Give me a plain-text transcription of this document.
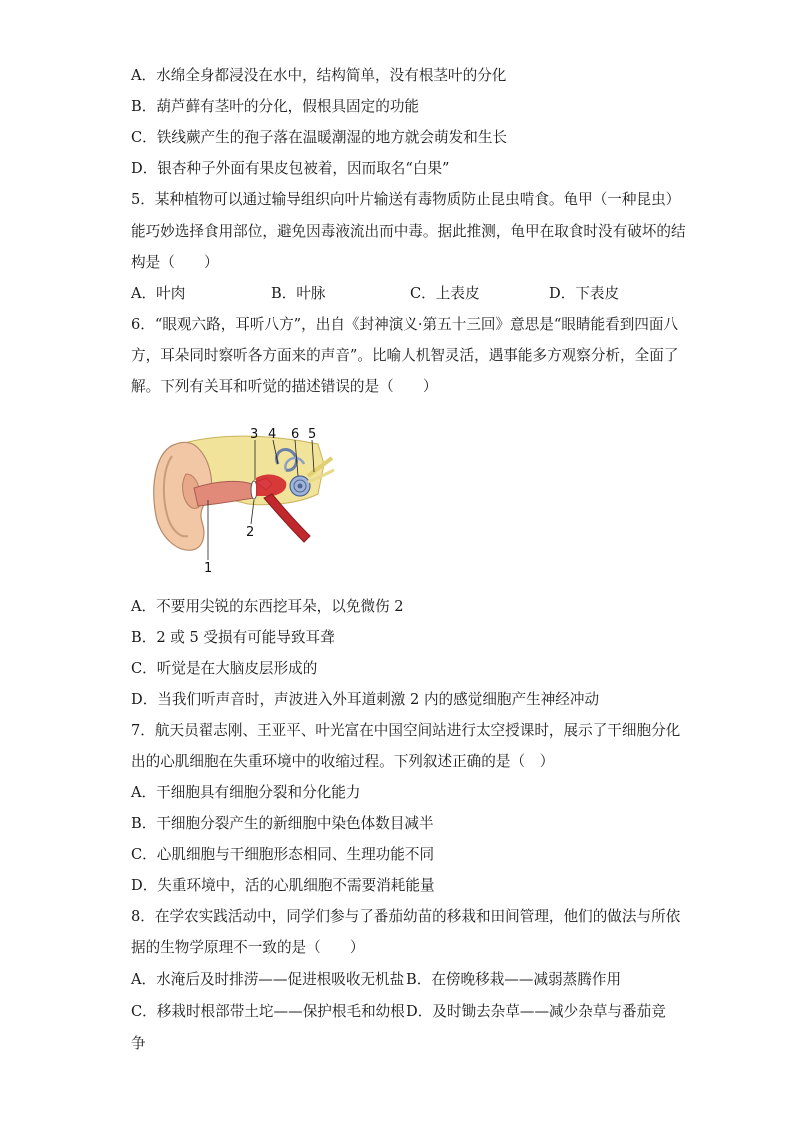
A．水绵全身都浸没在水中，结构简单，没有根茎叶的分化
B．葫芦藓有茎叶的分化，假根具固定的功能
C．铁线蕨产生的孢子落在温暖潮湿的地方就会萌发和生长
D．银杏种子外面有果皮包被着，因而取名“白果”
5．某种植物可以通过输导组织向叶片输送有毒物质防止昆虫啃食。龟甲（一种昆虫）
能巧妙选择食用部位，避免因毒液流出而中毒。据此推测，龟甲在取食时没有破坏的结
构是（　　）
A．叶肉	B．叶脉	C．上表皮	D．下表皮
6．“眼观六路，耳听八方”，出自《封神演义·第五十三回》意思是“眼睛能看到四面八
方，耳朵同时察听各方面来的声音”。比喻人机智灵活，遇事能多方观察分析，全面了
解。下列有关耳和听觉的描述错误的是（　　）
3 4 6 5
2
1
A．不要用尖锐的东西挖耳朵，以免微伤 2
B．2 或 5 受损有可能导致耳聋
C．听觉是在大脑皮层形成的
D．当我们听声音时，声波进入外耳道刺激 2 内的感觉细胞产生神经冲动
7．航天员翟志刚、王亚平、叶光富在中国空间站进行太空授课时，展示了干细胞分化
出的心肌细胞在失重环境中的收缩过程。下列叙述正确的是（　）
A．干细胞具有细胞分裂和分化能力
B．干细胞分裂产生的新细胞中染色体数目减半
C．心肌细胞与干细胞形态相同、生理功能不同
D．失重环境中，活的心肌细胞不需要消耗能量
8．在学农实践活动中，同学们参与了番茄幼苗的移栽和田间管理，他们的做法与所依
据的生物学原理不一致的是（　　）
A．水淹后及时排涝——促进根吸收无机盐 B．在傍晚移栽——减弱蒸腾作用
C．移栽时根部带土坨——保护根毛和幼根 D．及时锄去杂草——减少杂草与番茄竞
争
